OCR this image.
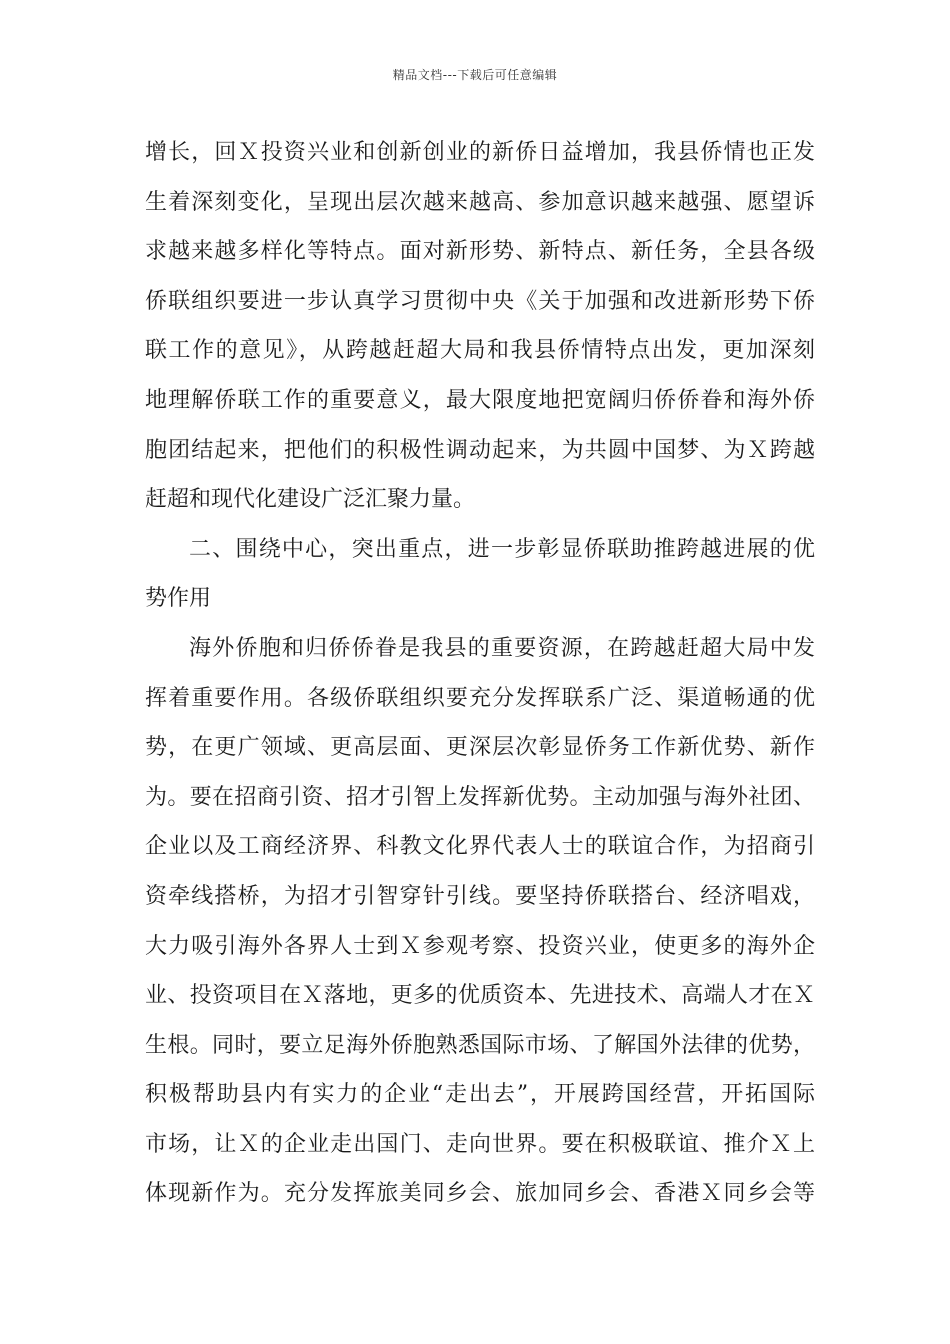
精品文档---下载后可任意编辑
增长，回Ｘ投资兴业和创新创业的新侨日益增加，我县侨情也正发
生着深刻变化，呈现出层次越来越高、参加意识越来越强、愿望诉
求越来越多样化等特点。面对新形势、新特点、新任务，全县各级
侨联组织要进一步认真学习贯彻中央《关于加强和改进新形势下侨
联工作的意见》，从跨越赶超大局和我县侨情特点出发，更加深刻
地理解侨联工作的重要意义，最大限度地把宽阔归侨侨眷和海外侨
胞团结起来，把他们的积极性调动起来，为共圆中国梦、为Ｘ跨越
赶超和现代化建设广泛汇聚力量。
二、围绕中心，突出重点，进一步彰显侨联助推跨越进展的优
势作用
海外侨胞和归侨侨眷是我县的重要资源，在跨越赶超大局中发
挥着重要作用。各级侨联组织要充分发挥联系广泛、渠道畅通的优
势，在更广领域、更高层面、更深层次彰显侨务工作新优势、新作
为。要在招商引资、招才引智上发挥新优势。主动加强与海外社团、
企业以及工商经济界、科教文化界代表人士的联谊合作，为招商引
资牵线搭桥，为招才引智穿针引线。要坚持侨联搭台、经济唱戏，
大力吸引海外各界人士到Ｘ参观考察、投资兴业，使更多的海外企
业、投资项目在Ｘ落地，更多的优质资本、先进技术、高端人才在Ｘ
生根。同时，要立足海外侨胞熟悉国际市场、了解国外法律的优势，
积极帮助县内有实力的企业“走出去”，开展跨国经营，开拓国际
市场，让Ｘ的企业走出国门、走向世界。要在积极联谊、推介Ｘ上
体现新作为。充分发挥旅美同乡会、旅加同乡会、香港Ｘ同乡会等
